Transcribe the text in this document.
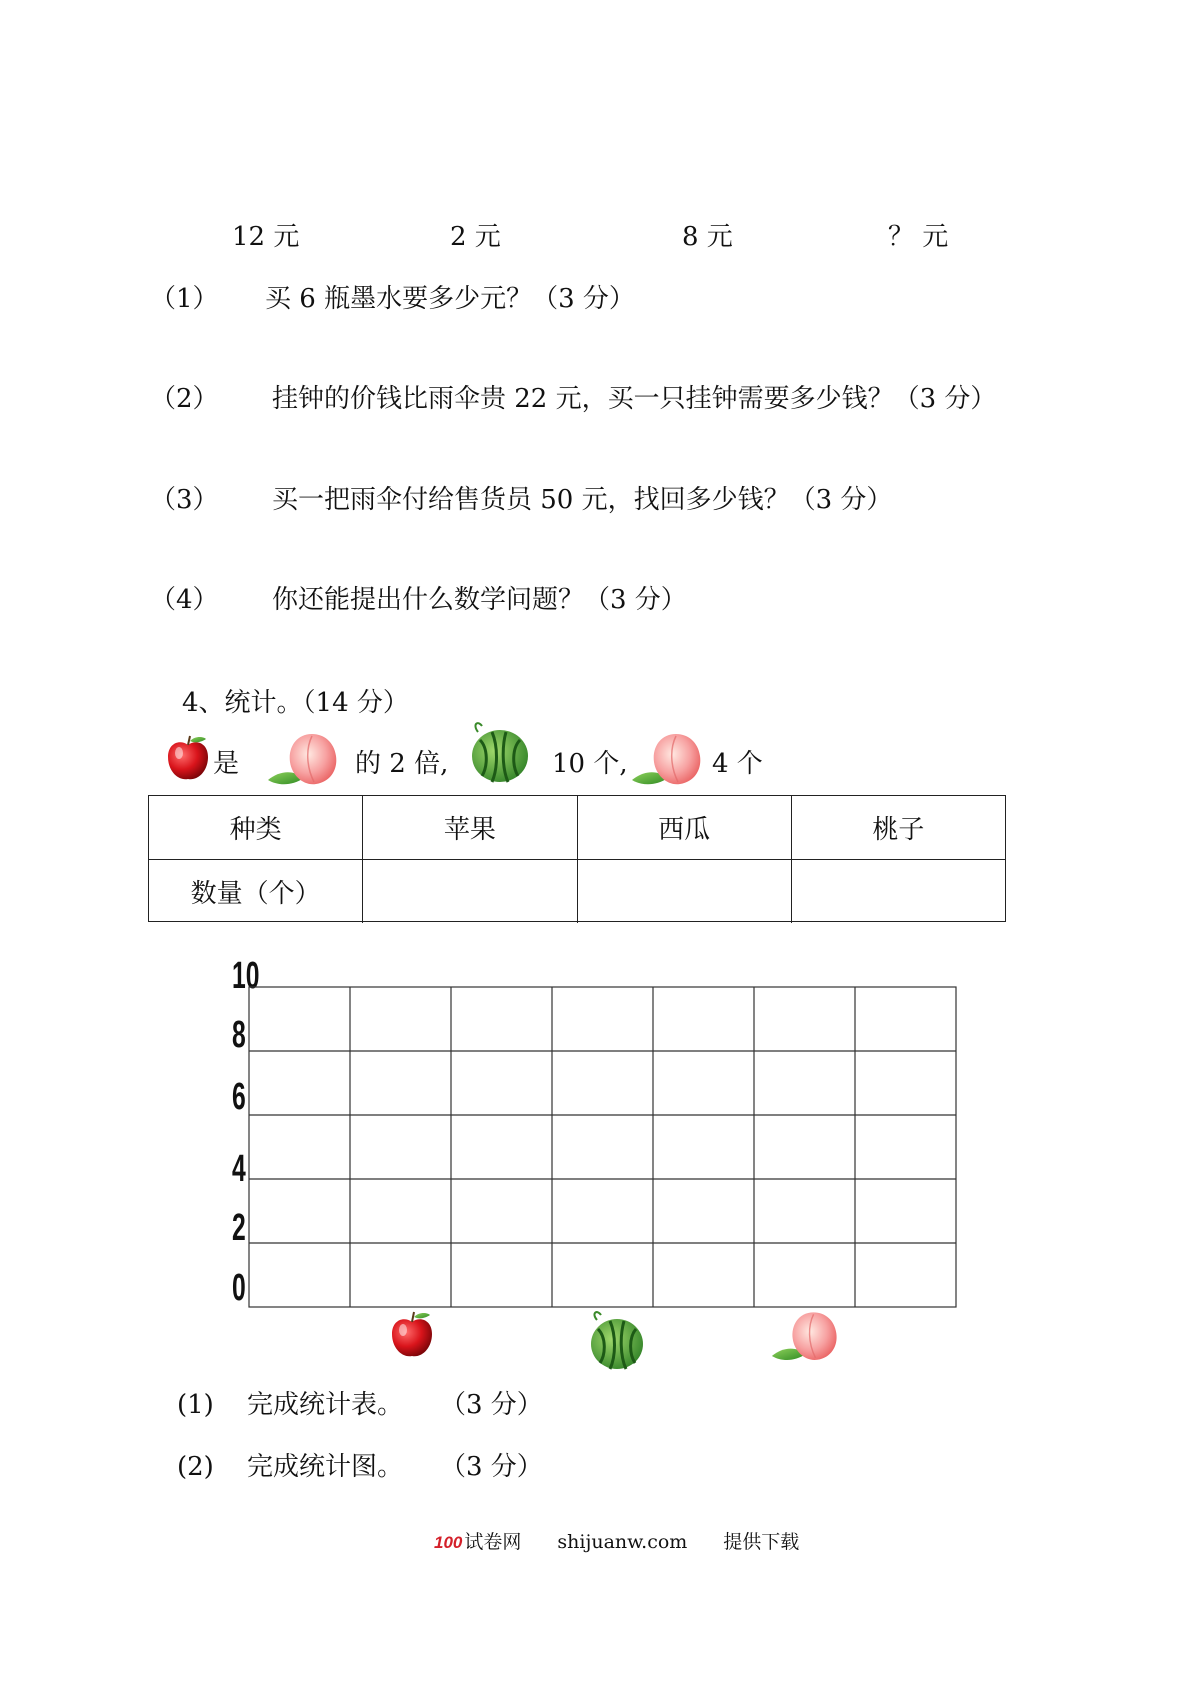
12 元	2 元	8 元	？ 元
（1） 买 6 瓶墨水要多少元？（3 分）
（2） 挂钟的价钱比雨伞贵 22 元，买一只挂钟需要多少钱？（3 分）
（3） 买一把雨伞付给售货员 50 元，找回多少钱？（3 分）
（4） 你还能提出什么数学问题？（3 分）
4、统计。（14 分）
是	的 2 倍,	10 个,	4 个
种类	苹果	西瓜	桃子
数量（个）
10
8
6
4
2
0
(1) 完成统计表。 （3 分）
(2) 完成统计图。 （3 分）
100 试卷网 shijuanw.com 提供下载
